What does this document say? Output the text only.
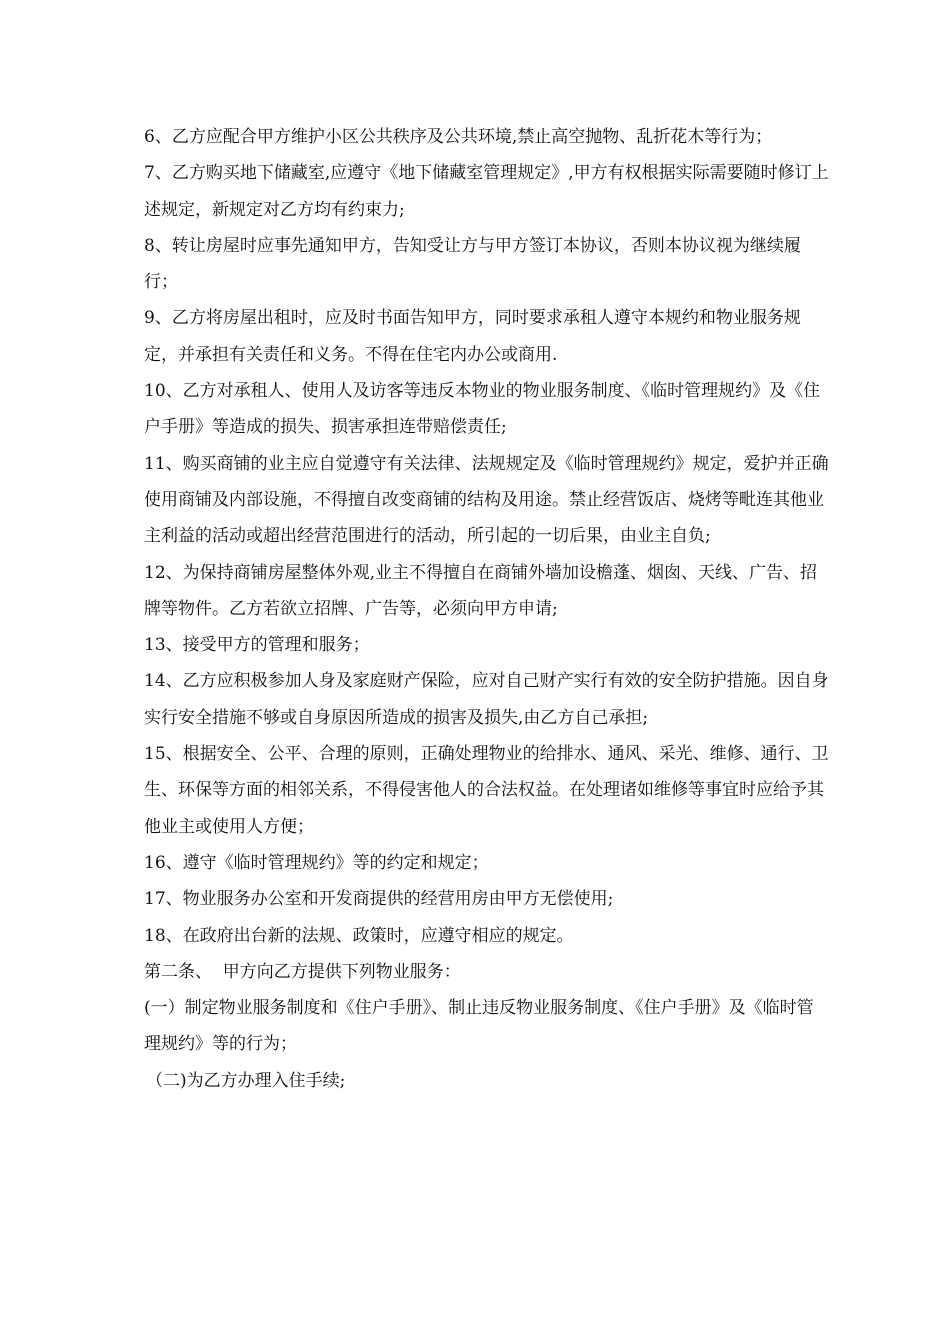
6、乙方应配合甲方维护小区公共秩序及公共环境,禁止高空抛物、乱折花木等行为；

7、乙方购买地下储藏室,应遵守《地下储藏室管理规定》,甲方有权根据实际需要随时修订上述规定，新规定对乙方均有约束力;

8、转让房屋时应事先通知甲方，告知受让方与甲方签订本协议，否则本协议视为继续履行；

9、乙方将房屋出租时，应及时书面告知甲方，同时要求承租人遵守本规约和物业服务规定，并承担有关责任和义务。不得在住宅内办公或商用.

10、乙方对承租人、使用人及访客等违反本物业的物业服务制度、《临时管理规约》及《住户手册》等造成的损失、损害承担连带赔偿责任;

11、购买商铺的业主应自觉遵守有关法律、法规规定及《临时管理规约》规定，爱护并正确使用商铺及内部设施，不得擅自改变商铺的结构及用途。禁止经营饭店、烧烤等毗连其他业主利益的活动或超出经营范围进行的活动，所引起的一切后果，由业主自负;

12、为保持商铺房屋整体外观,业主不得擅自在商铺外墙加设檐蓬、烟囱、天线、广告、招牌等物件。乙方若欲立招牌、广告等，必须向甲方申请;

13、接受甲方的管理和服务；

14、乙方应积极参加人身及家庭财产保险，应对自己财产实行有效的安全防护措施。因自身实行安全措施不够或自身原因所造成的损害及损失,由乙方自己承担;

15、根据安全、公平、合理的原则，正确处理物业的给排水、通风、采光、维修、通行、卫生、环保等方面的相邻关系，不得侵害他人的合法权益。在处理诸如维修等事宜时应给予其他业主或使用人方便；

16、遵守《临时管理规约》等的约定和规定；

17、物业服务办公室和开发商提供的经营用房由甲方无偿使用;

18、在政府出台新的法规、政策时，应遵守相应的规定。

第二条、  甲方向乙方提供下列物业服务：

(一）制定物业服务制度和《住户手册》、制止违反物业服务制度、《住户手册》及《临时管理规约》等的行为；

（二)为乙方办理入住手续;
